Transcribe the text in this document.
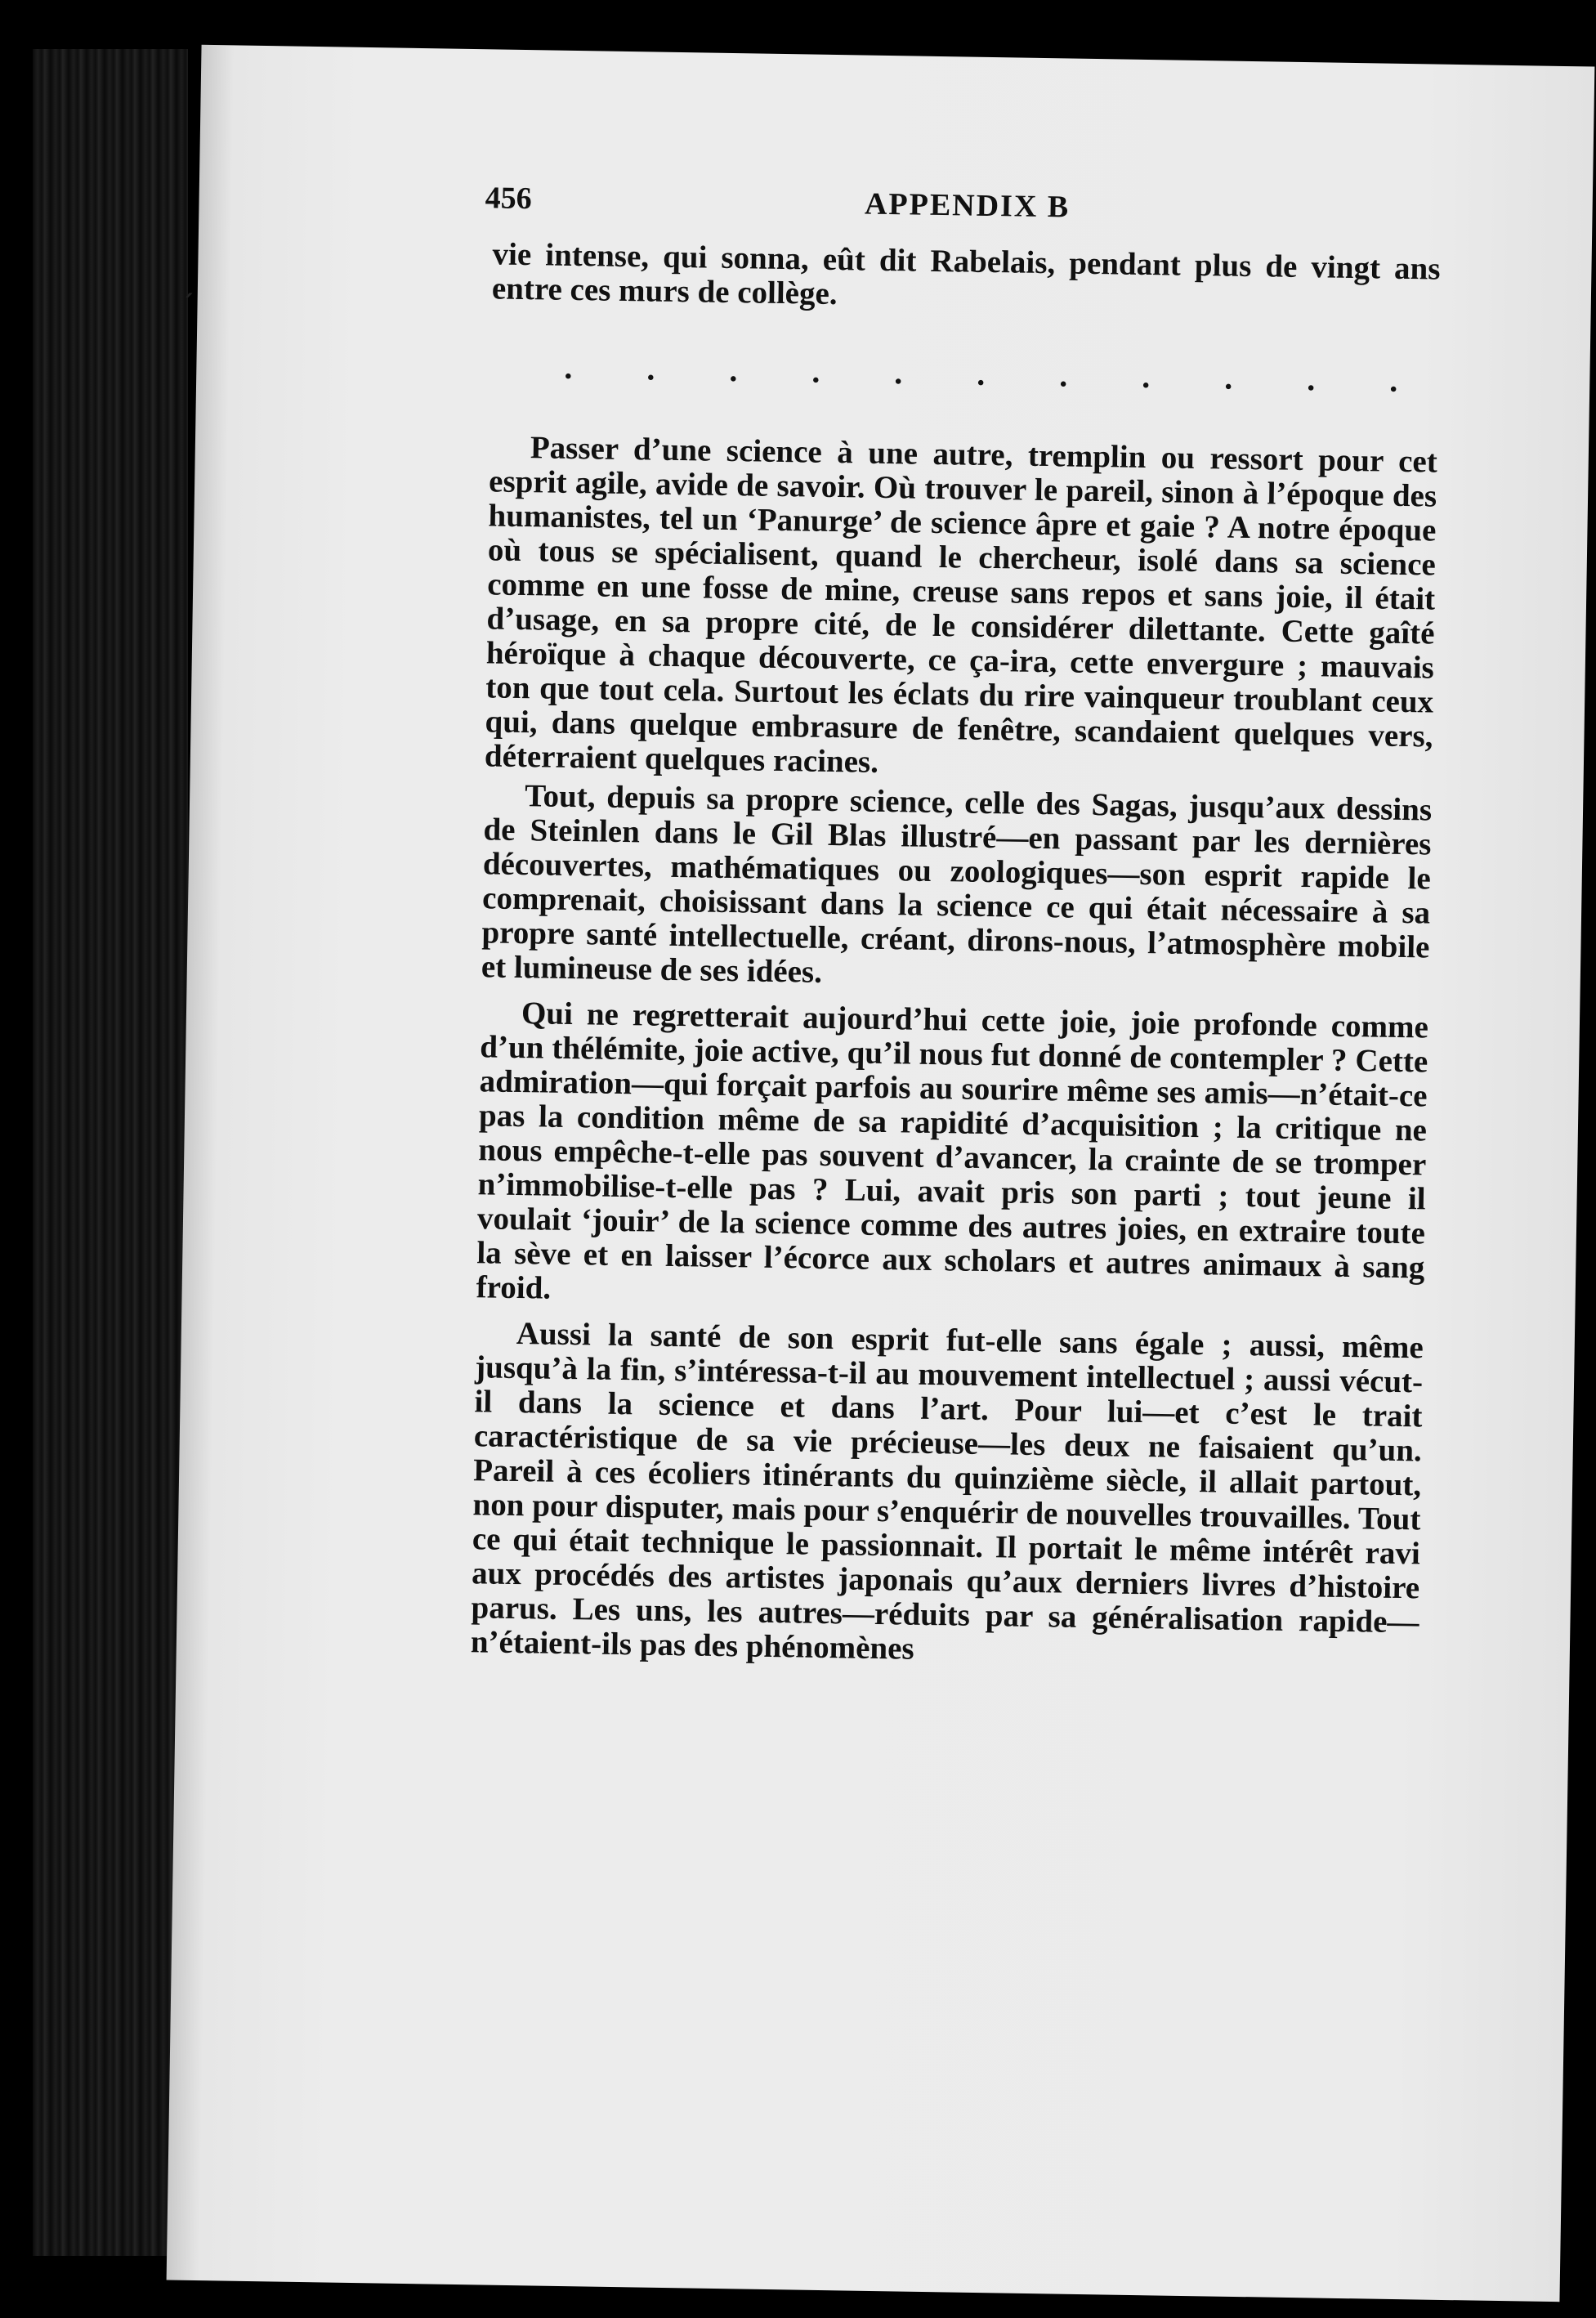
456	APPENDIX B

vie intense, qui sonna, eût dit Rabelais, pendant plus de vingt ans entre ces murs de collège.

. . . . . . . . . . .

Passer d’une science à une autre, tremplin ou ressort pour cet esprit agile, avide de savoir. Où trouver le pareil, sinon à l’époque des humanistes, tel un ‘Panurge’ de science âpre et gaie ? A notre époque où tous se spécialisent, quand le chercheur, isolé dans sa science comme en une fosse de mine, creuse sans repos et sans joie, il était d’usage, en sa propre cité, de le considérer dilettante. Cette gaîté héroïque à chaque découverte, ce ça-ira, cette envergure ; mauvais ton que tout cela. Surtout les éclats du rire vainqueur troublant ceux qui, dans quelque embrasure de fenêtre, scandaient quelques vers, déterraient quelques racines.

Tout, depuis sa propre science, celle des Sagas, jusqu’aux dessins de Steinlen dans le Gil Blas illustré—en passant par les dernières découvertes, mathématiques ou zoologiques—son esprit rapide le comprenait, choisissant dans la science ce qui était nécessaire à sa propre santé intellectuelle, créant, dirons-nous, l’atmosphère mobile et lumineuse de ses idées.

Qui ne regretterait aujourd’hui cette joie, joie profonde comme d’un thélémite, joie active, qu’il nous fut donné de contempler ? Cette admiration—qui forçait parfois au sourire même ses amis—n’était-ce pas la condition même de sa rapidité d’acquisition ; la critique ne nous empêche-t-elle pas souvent d’avancer, la crainte de se tromper n’immobilise-t-elle pas ? Lui, avait pris son parti ; tout jeune il voulait ‘jouir’ de la science comme des autres joies, en extraire toute la sève et en laisser l’écorce aux scholars et autres animaux à sang froid.

Aussi la santé de son esprit fut-elle sans égale ; aussi, même jusqu’à la fin, s’intéressa-t-il au mouvement intellectuel ; aussi vécut-il dans la science et dans l’art. Pour lui—et c’est le trait caractéristique de sa vie précieuse—les deux ne faisaient qu’un. Pareil à ces écoliers itinérants du quinzième siècle, il allait partout, non pour disputer, mais pour s’enquérir de nouvelles trouvailles. Tout ce qui était technique le passionnait. Il portait le même intérêt ravi aux procédés des artistes japonais qu’aux derniers livres d’histoire parus. Les uns, les autres—réduits par sa généralisation rapide—n’étaient-ils pas des phénomènes

ˏ
